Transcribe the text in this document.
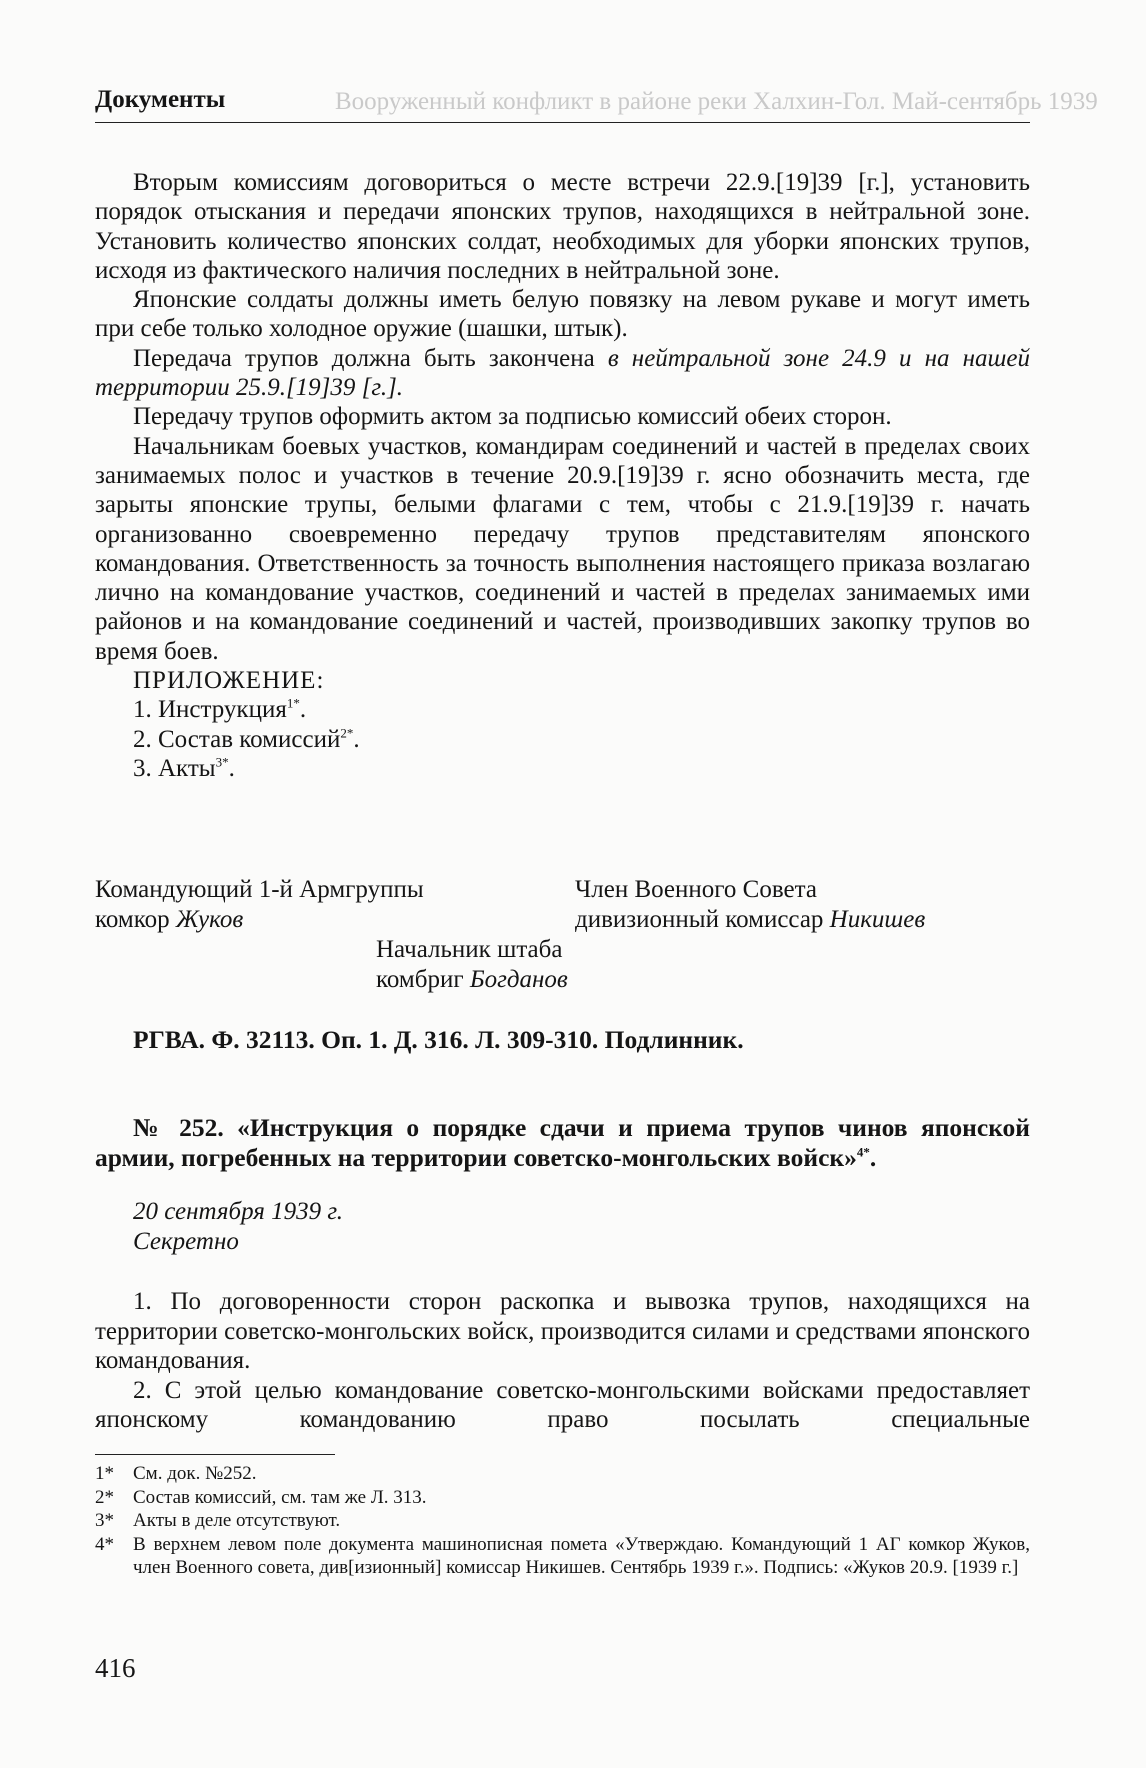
Вооруженный конфликт в районе реки Халхин-Гол. Май-сентябрь 1939
Документы

Вторым комиссиям договориться о месте встречи 22.9.[19]39 [г.], установить порядок отыскания и передачи японских трупов, находящихся в нейтральной зоне. Установить количество японских солдат, необходимых для уборки японских трупов, исходя из фактического наличия последних в нейтральной зоне.

Японские солдаты должны иметь белую повязку на левом рукаве и могут иметь при себе только холодное оружие (шашки, штык).

Передача трупов должна быть закончена в нейтральной зоне 24.9 и на нашей территории 25.9.[19]39 [г.].

Передачу трупов оформить актом за подписью комиссий обеих сторон.

Начальникам боевых участков, командирам соединений и частей в пределах своих занимаемых полос и участков в течение 20.9.[19]39 г. ясно обозначить места, где зарыты японские трупы, белыми флагами с тем, чтобы с 21.9.[19]39 г. начать организованно своевременно передачу трупов представителям японского командования. Ответственность за точность выполнения настоящего приказа возлагаю лично на командование участков, соединений и частей в пределах занимаемых ими районов и на командование соединений и частей, производивших закопку трупов во время боев.

ПРИЛОЖЕНИЕ:

1. Инструкция$^{1*}$.
2. Состав комиссий$^{2*}$.
3. Акты$^{3*}$.
Командующий 1-й Армгруппы
комкор Жуков
Член Военного Совета
дивизионный комиссар Никишев
Начальник штаба
комбриг Богданов
РГВА. Ф. 32113. Оп. 1. Д. 316. Л. 309-310. Подлинник.
№ 252. «Инструкция о порядке сдачи и приема трупов чинов японской
армии, погребенных на территории советско-монгольских войск»$^{4*}$.
20 сентября 1939 г.
Секретно

1. По договоренности сторон раскопка и вывозка трупов, находящихся на территории советско-монгольских войск, производится силами и средствами японского командования.

2. С этой целью командование советско-монгольскими войсками предоставляет японскому командованию право посылать специальные

1* См. док. №252.
2* Состав комиссий, см. там же Л. 313.
3* Акты в деле отсутствуют.
4* В верхнем левом поле документа машинописная помета «Утверждаю. Командующий 1 АГ комкор Жуков, член Военного совета, див[изионный] комиссар Никишев. Сентябрь 1939 г.». Подпись: «Жуков 20.9. [1939 г.]
416
